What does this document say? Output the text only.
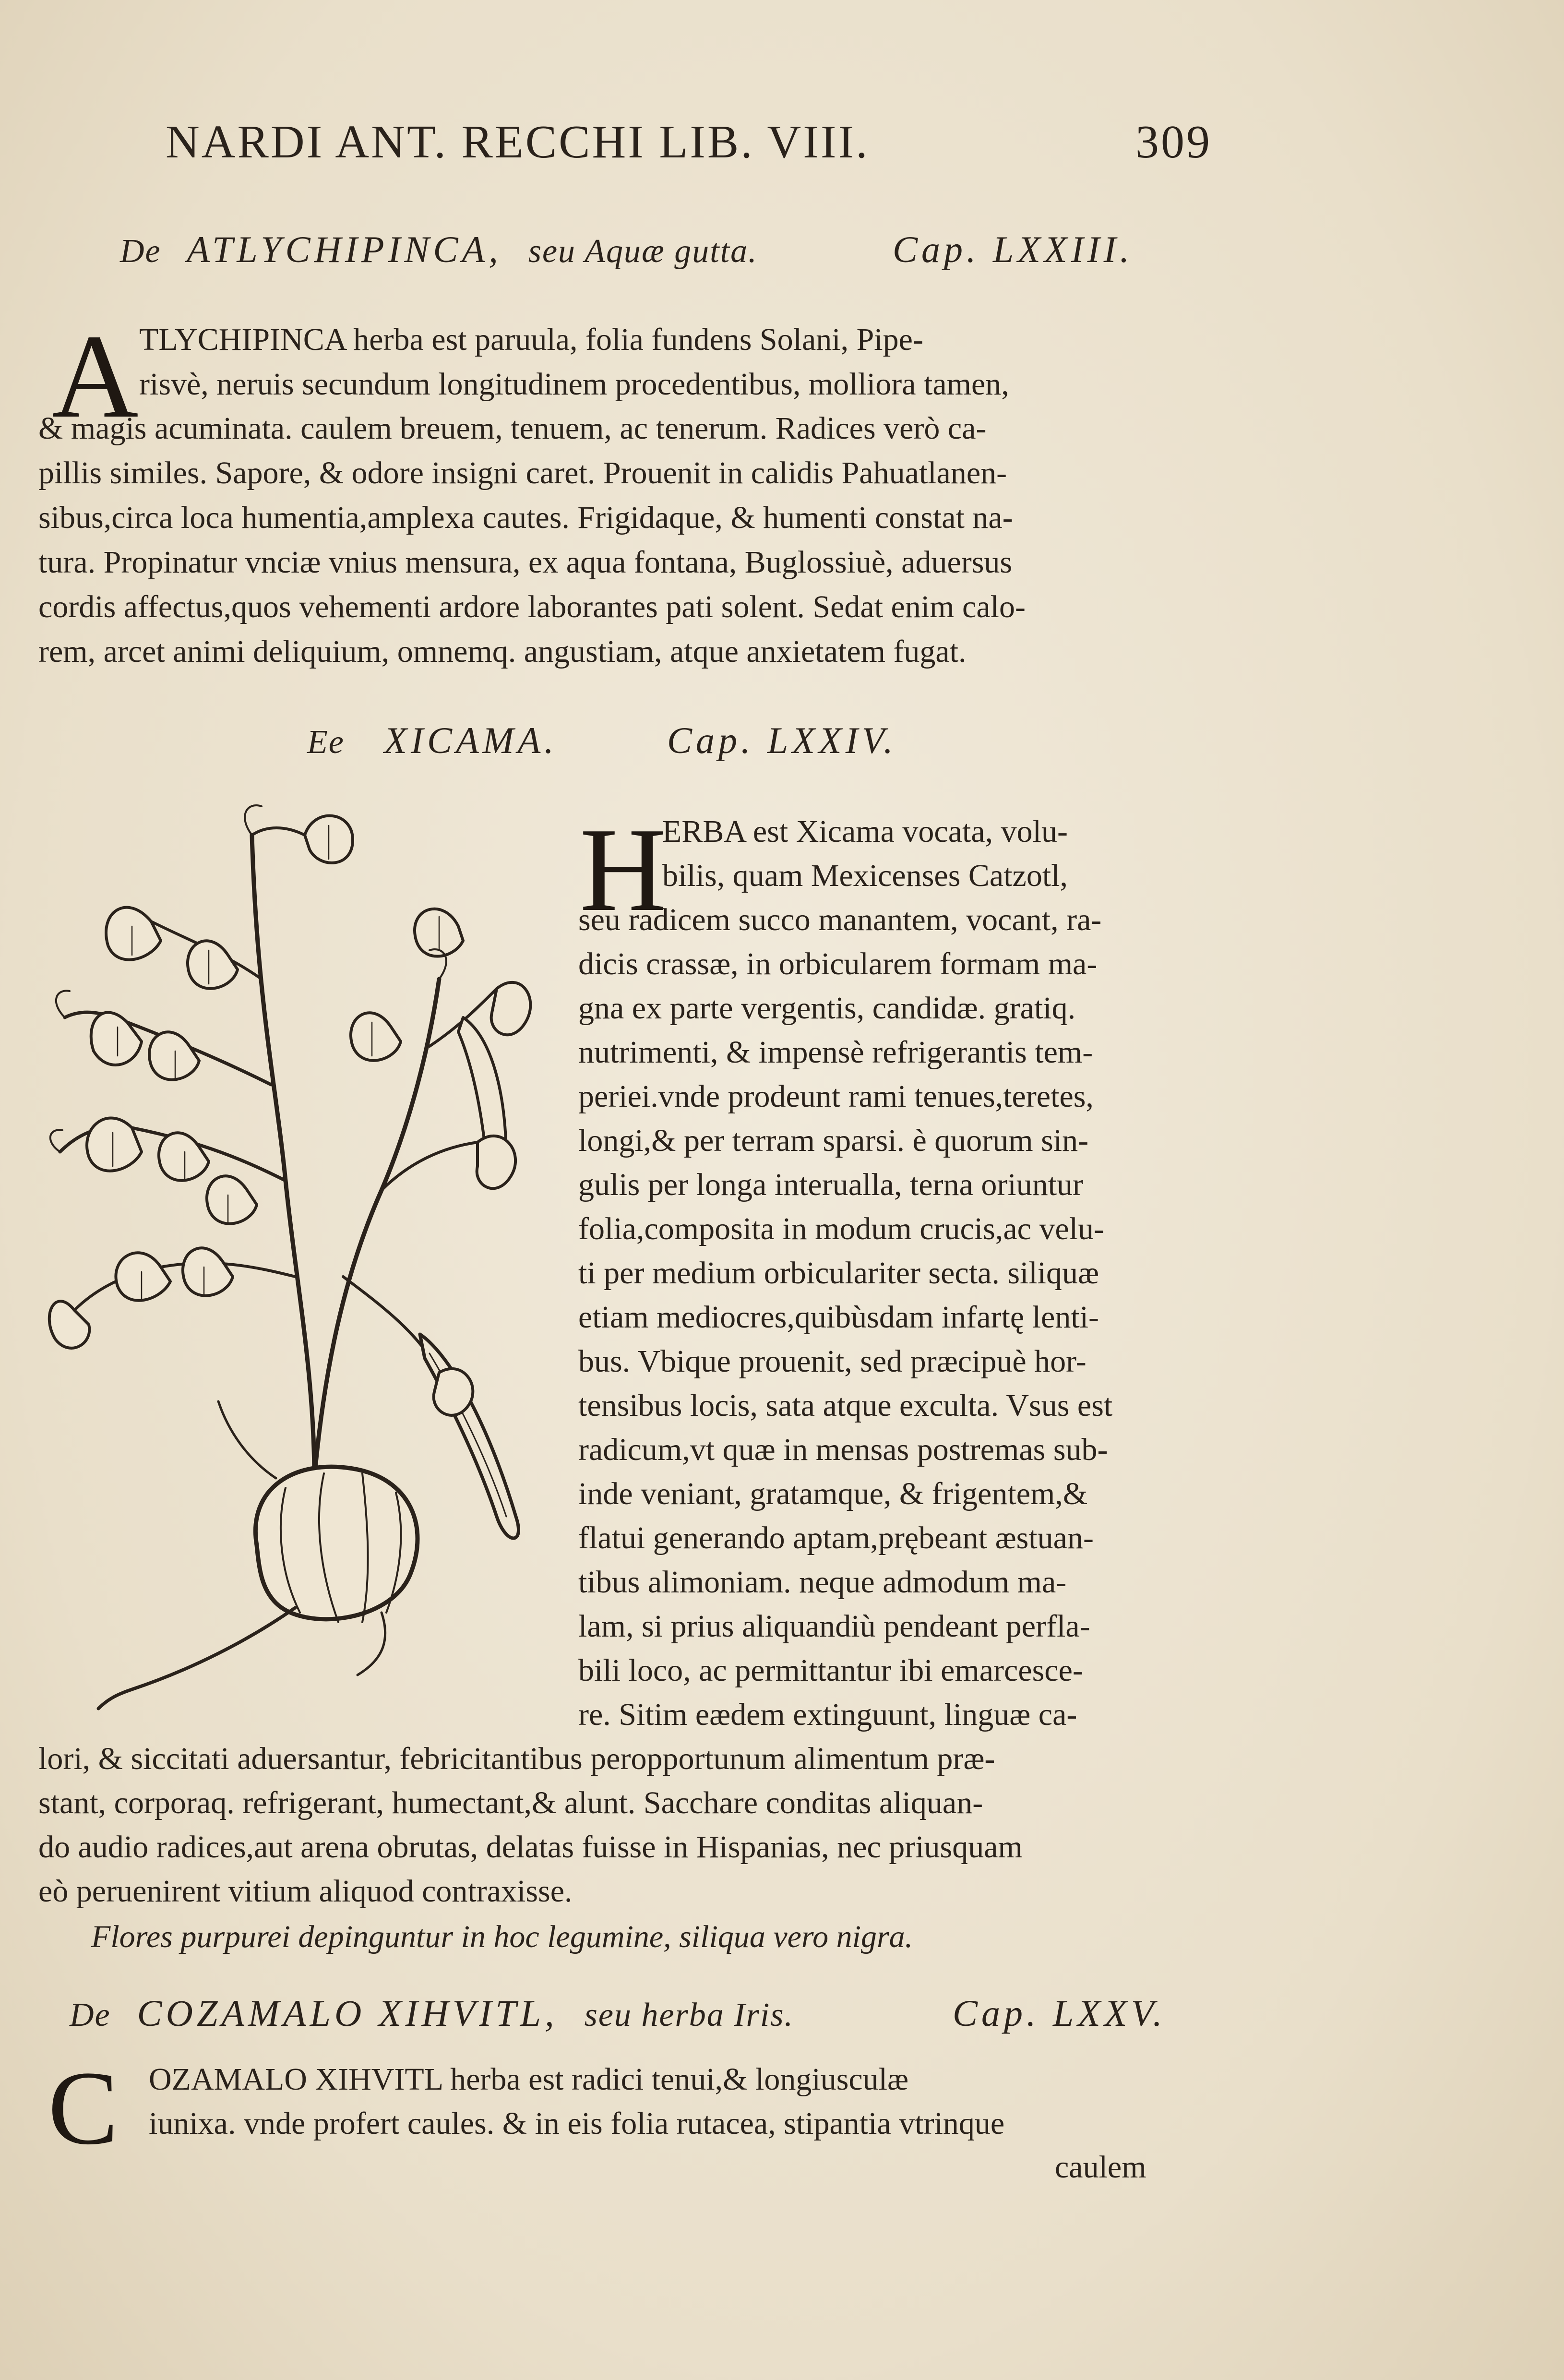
NARDI ANT. RECCHI LIB. VIII.	309
De ATLYCHIPINCA, seu Aquæ gutta.	Cap. LXXIII.
A TLYCHIPINCA herba est paruula, folia fundens Solani, Pipe-
risvè, neruis secundum longitudinem procedentibus, molliora tamen,
& magis acuminata. caulem breuem, tenuem, ac tenerum. Radices verò ca-
pillis similes. Sapore, & odore insigni caret. Prouenit in calidis Pahuatlanen-
sibus,circa loca humentia,amplexa cautes. Frigidaque, & humenti constat na-
tura. Propinatur vnciæ vnius mensura, ex aqua fontana, Buglossiuè, aduersus
cordis affectus,quos vehementi ardore laborantes pati solent. Sedat enim calo-
rem, arcet animi deliquium, omnemq. angustiam, atque anxietatem fugat.
Ee XICAMA.	Cap. LXXIV.
H
ERBA est Xicama vocata, volu-
bilis, quam Mexicenses Catzotl,
seu radicem succo manantem, vocant, ra-
dicis crassæ, in orbicularem formam ma-
gna ex parte vergentis, candidæ. gratiq.
nutrimenti, & impensè refrigerantis tem-
periei.vnde prodeunt rami tenues,teretes,
longi,& per terram sparsi. è quorum sin-
gulis per longa interualla, terna oriuntur
folia,composita in modum crucis,ac velu-
ti per medium orbiculariter secta. siliquæ
etiam mediocres,quibùsdam infartę lenti-
bus. Vbique prouenit, sed præcipuè hor-
tensibus locis, sata atque exculta. Vsus est
radicum,vt quæ in mensas postremas sub-
inde veniant, gratamque, & frigentem,&
flatui generando aptam,prębeant æstuan-
tibus alimoniam. neque admodum ma-
lam, si prius aliquandiù pendeant perfla-
bili loco, ac permittantur ibi emarcesce-
re. Sitim eædem extinguunt, linguæ ca-
lori, & siccitati aduersantur, febricitantibus peropportunum alimentum præ-
stant, corporaq. refrigerant, humectant,& alunt. Sacchare conditas aliquan-
do audio radices,aut arena obrutas, delatas fuisse in Hispanias, nec priusquam
eò peruenirent vitium aliquod contraxisse.
Flores purpurei depinguntur in hoc legumine, siliqua vero nigra.
De COZAMALO XIHVITL, seu herba Iris.	Cap. LXXV.
C OZAMALO XIHVITL herba est radici tenui,& longiusculæ
iunixa. vnde profert caules. & in eis folia rutacea, stipantia vtrinque
caulem
